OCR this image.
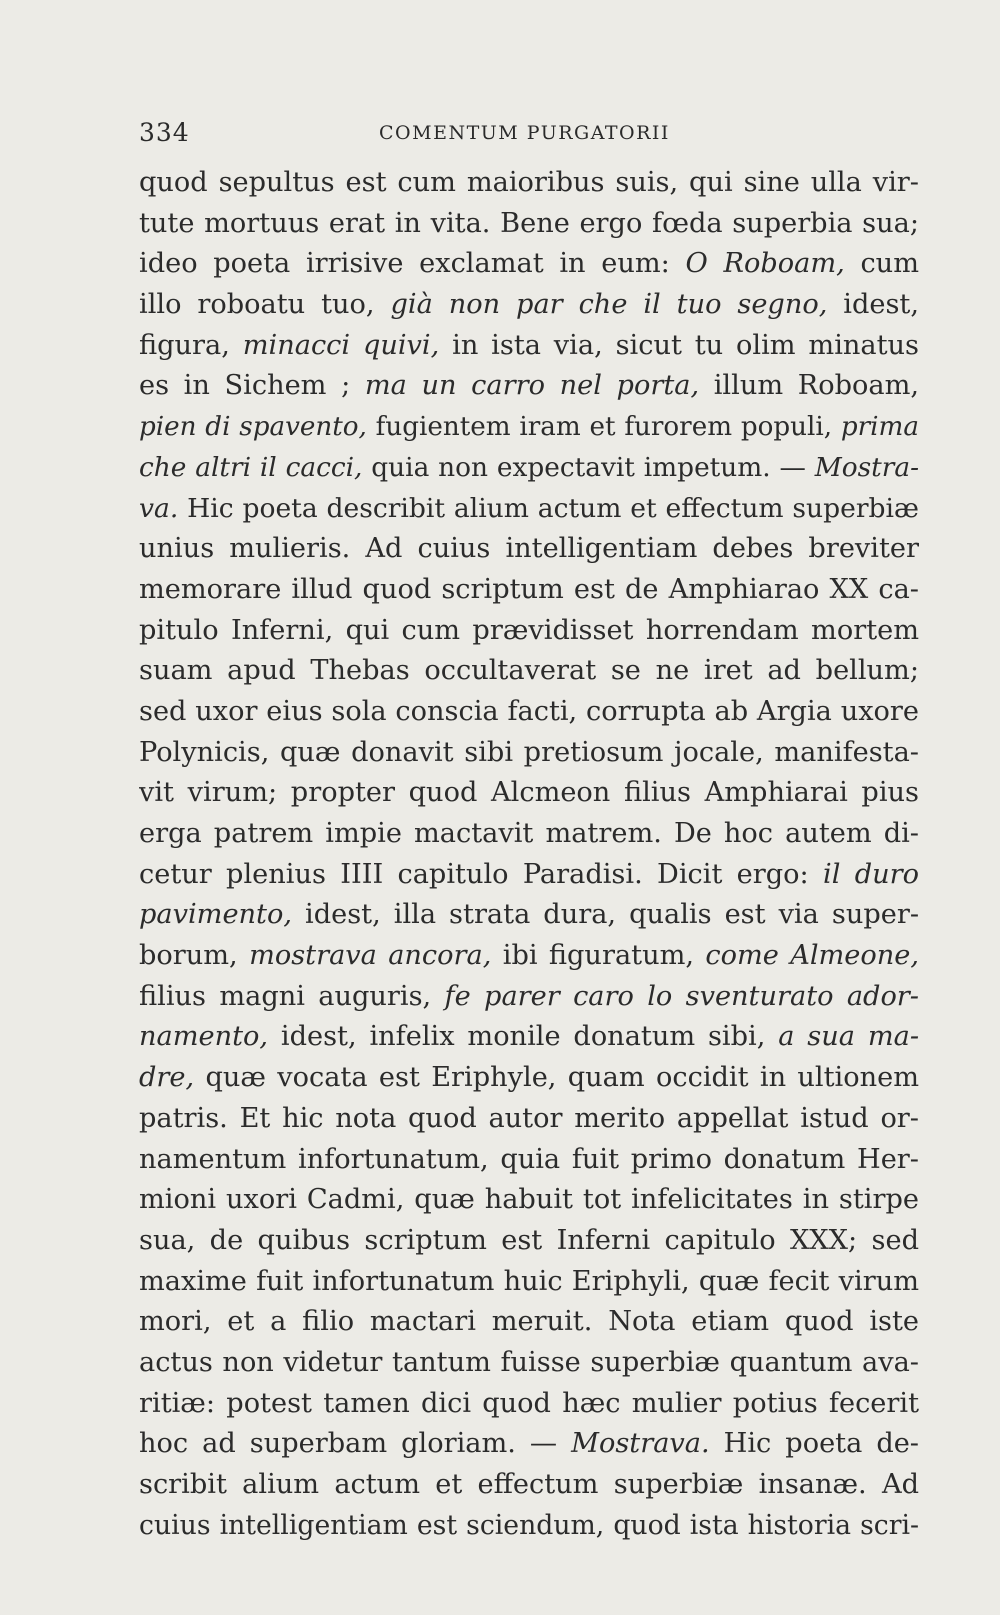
334	COMENTUM PURGATORII
quod sepultus est cum maioribus suis, qui sine ulla vir-
tute mortuus erat in vita. Bene ergo fœda superbia sua;
ideo poeta irrisive exclamat in eum: O Roboam, cum
illo roboatu tuo, già non par che il tuo segno, idest,
figura, minacci quivi, in ista via, sicut tu olim minatus
es in Sichem ; ma un carro nel porta, illum Roboam,
pien di spavento, fugientem iram et furorem populi, prima
che altri il cacci, quia non expectavit impetum. — Mostra-
va. Hic poeta describit alium actum et effectum superbiæ
unius mulieris. Ad cuius intelligentiam debes breviter
memorare illud quod scriptum est de Amphiarao XX ca-
pitulo Inferni, qui cum prævidisset horrendam mortem
suam apud Thebas occultaverat se ne iret ad bellum;
sed uxor eius sola conscia facti, corrupta ab Argia uxore
Polynicis, quæ donavit sibi pretiosum jocale, manifesta-
vit virum; propter quod Alcmeon filius Amphiarai pius
erga patrem impie mactavit matrem. De hoc autem di-
cetur plenius IIII capitulo Paradisi. Dicit ergo: il duro
pavimento, idest, illa strata dura, qualis est via super-
borum, mostrava ancora, ibi figuratum, come Almeone,
filius magni auguris, fe parer caro lo sventurato ador-
namento, idest, infelix monile donatum sibi, a sua ma-
dre, quæ vocata est Eriphyle, quam occidit in ultionem
patris. Et hic nota quod autor merito appellat istud or-
namentum infortunatum, quia fuit primo donatum Her-
mioni uxori Cadmi, quæ habuit tot infelicitates in stirpe
sua, de quibus scriptum est Inferni capitulo XXX; sed
maxime fuit infortunatum huic Eriphyli, quæ fecit virum
mori, et a filio mactari meruit. Nota etiam quod iste
actus non videtur tantum fuisse superbiæ quantum ava-
ritiæ: potest tamen dici quod hæc mulier potius fecerit
hoc ad superbam gloriam. — Mostrava. Hic poeta de-
scribit alium actum et effectum superbiæ insanæ. Ad
cuius intelligentiam est sciendum, quod ista historia scri-
